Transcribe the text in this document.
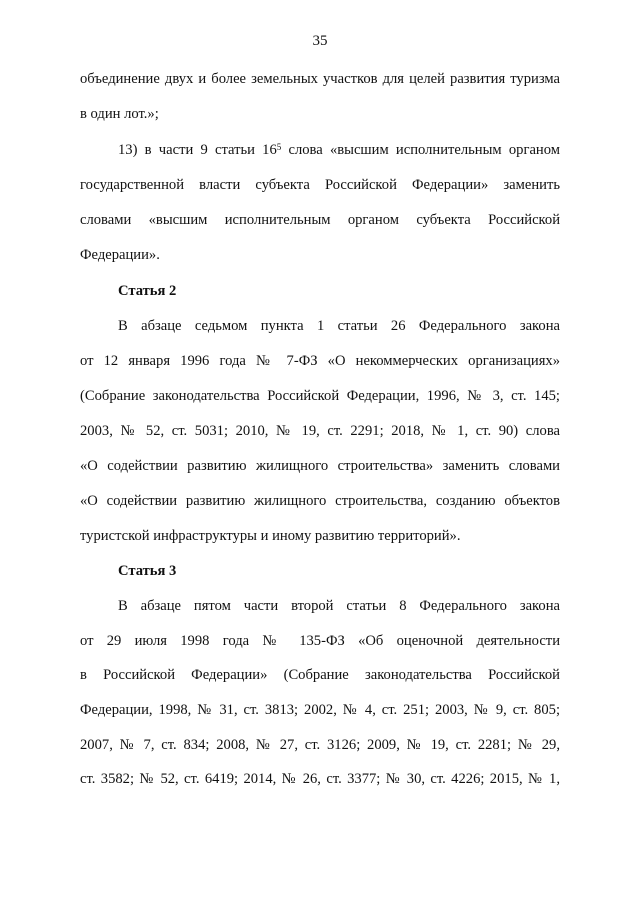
35
объединение двух и более земельных участков для целей развития туризма
в один лот.»;
13) в части 9 статьи $16^5$ слова «высшим исполнительным органом
государственной власти субъекта Российской Федерации» заменить
словами «высшим исполнительным органом субъекта Российской
Федерации».
Статья 2
В абзаце седьмом пункта 1 статьи 26 Федерального закона
от 12 января 1996 года № 7-ФЗ «О некоммерческих организациях»
(Собрание законодательства Российской Федерации, 1996, № 3, ст. 145;
2003, № 52, ст. 5031; 2010, № 19, ст. 2291; 2018, № 1, ст. 90) слова
«О содействии развитию жилищного строительства» заменить словами
«О содействии развитию жилищного строительства, созданию объектов
туристской инфраструктуры и иному развитию территорий».
Статья 3
В абзаце пятом части второй статьи 8 Федерального закона
от 29 июля 1998 года № 135-ФЗ «Об оценочной деятельности
в Российской Федерации» (Собрание законодательства Российской
Федерации, 1998, № 31, ст. 3813; 2002, № 4, ст. 251; 2003, № 9, ст. 805;
2007, № 7, ст. 834; 2008, № 27, ст. 3126; 2009, № 19, ст. 2281; № 29,
ст. 3582; № 52, ст. 6419; 2014, № 26, ст. 3377; № 30, ст. 4226; 2015, № 1,
